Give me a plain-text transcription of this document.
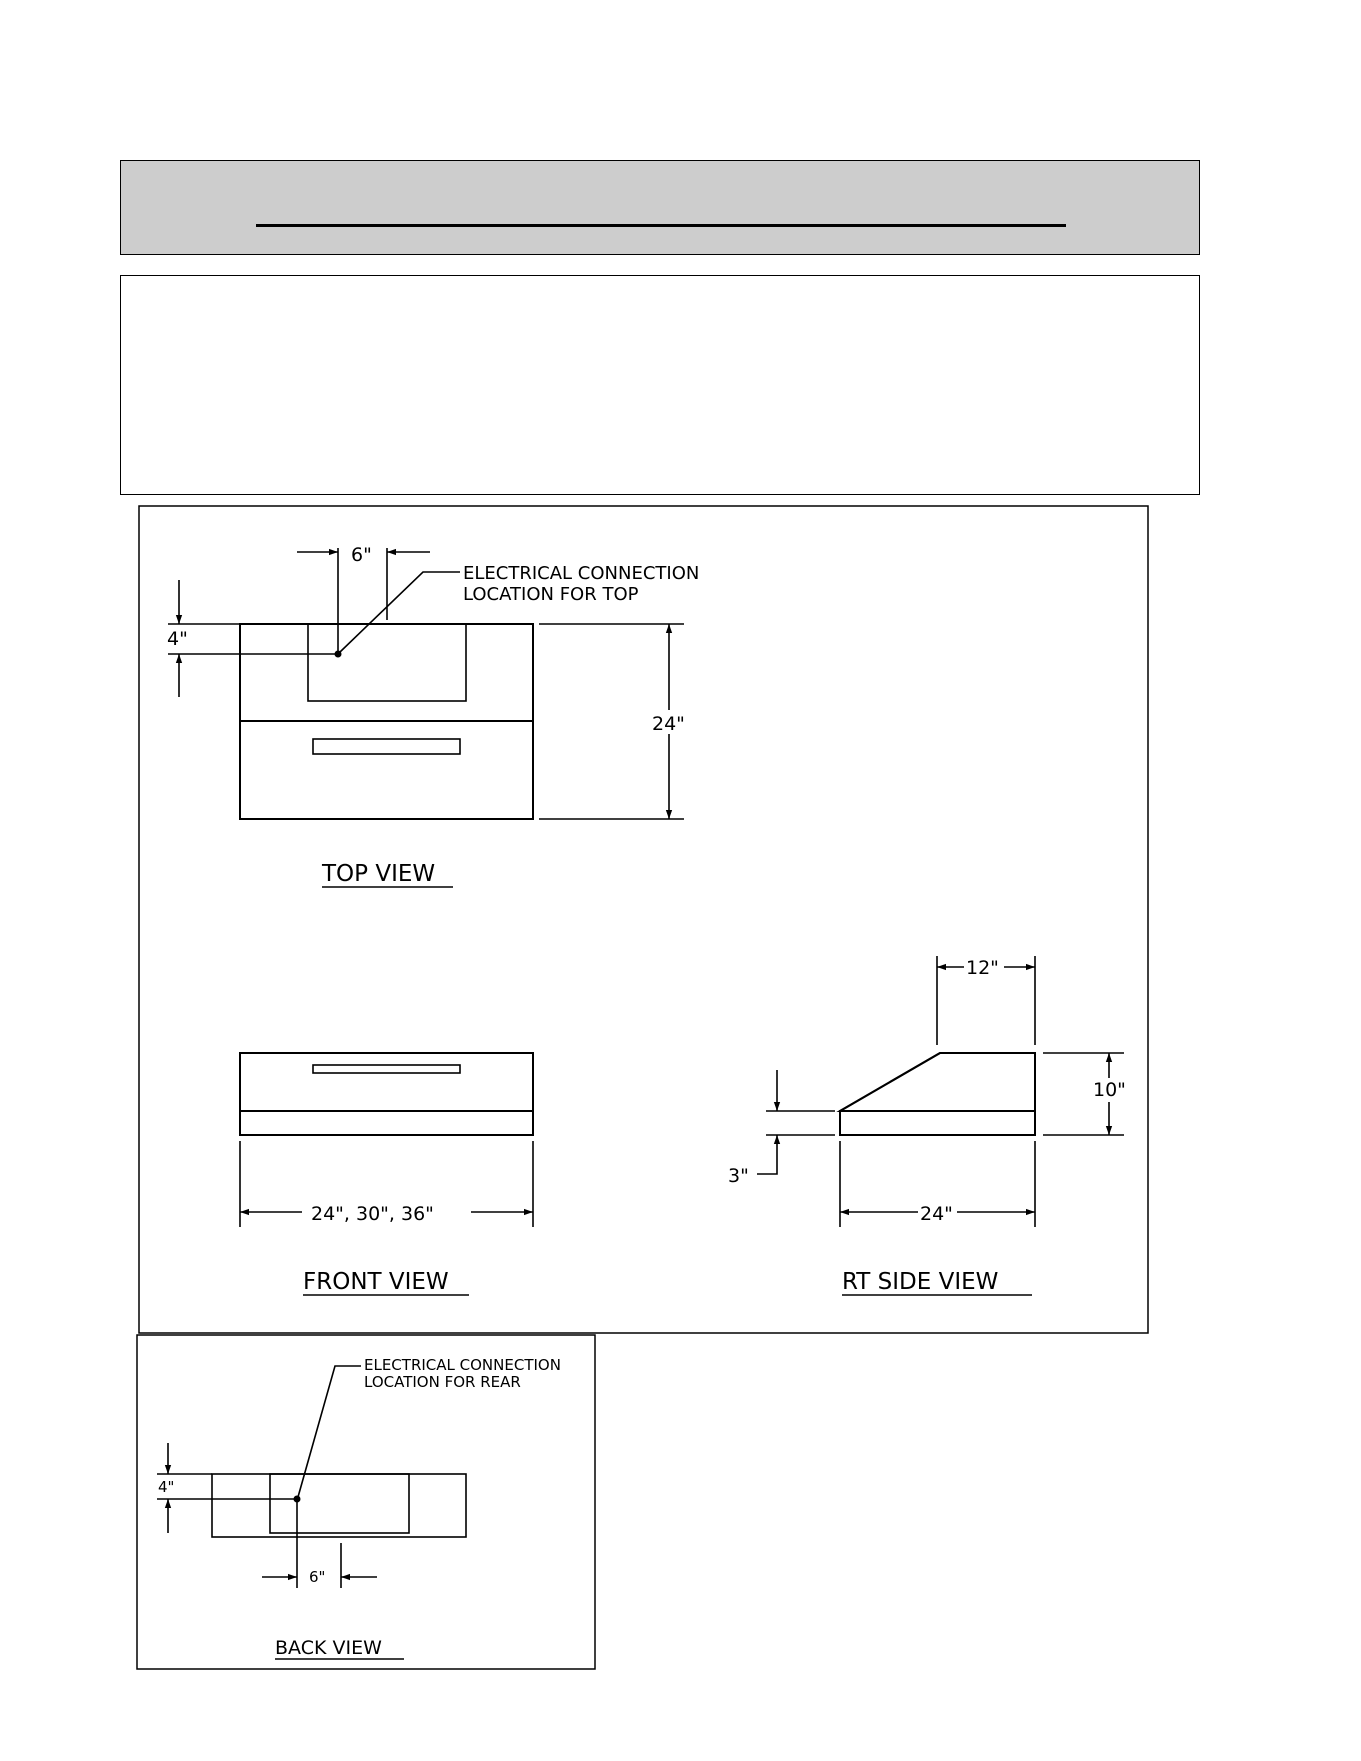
6"
4"
24"
ELECTRICAL CONNECTION
LOCATION FOR TOP
TOP VIEW
24", 30", 36"
FRONT VIEW
12"
10"
3"
24"
RT SIDE VIEW
4"
6"
ELECTRICAL CONNECTION
LOCATION FOR REAR
BACK VIEW
